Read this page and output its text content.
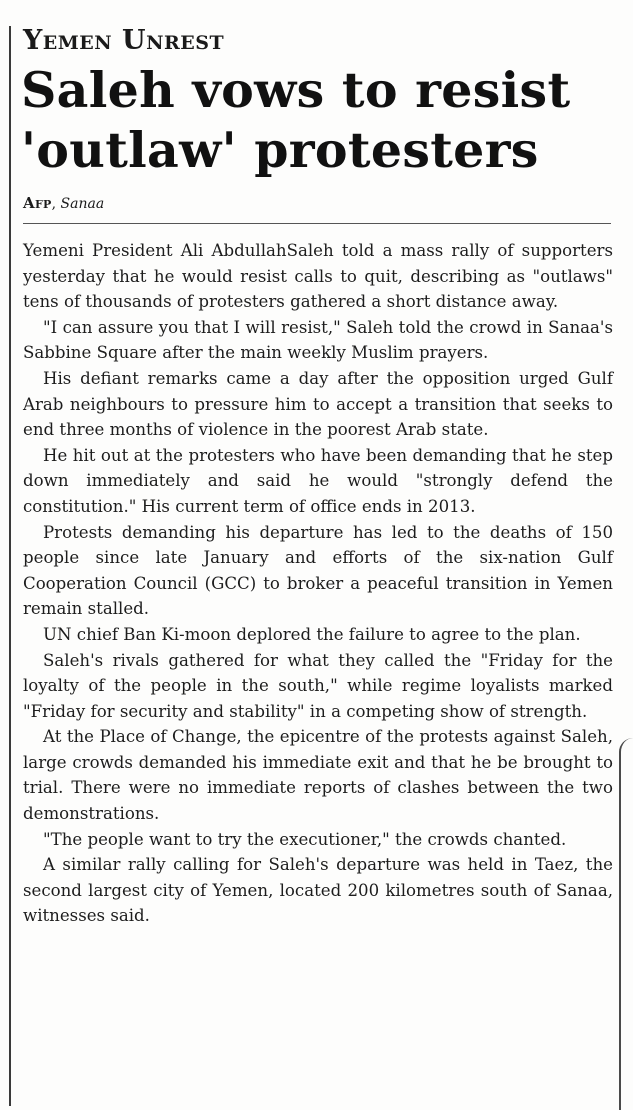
Yemen Unrest
Saleh vows to resist 'outlaw' protesters
Afp, Sanaa

Yemeni President Ali AbdullahSaleh told a mass rally of supporters yesterday that he would resist calls to quit, describing as "outlaws" tens of thousands of protesters gathered a short distance away.

"I can assure you that I will resist," Saleh told the crowd in Sanaa's Sabbine Square after the main weekly Muslim prayers.

His defiant remarks came a day after the opposition urged Gulf Arab neighbours to pressure him to accept a transition that seeks to end three months of violence in the poorest Arab state.

He hit out at the protesters who have been demanding that he step down immediately and said he would "strongly defend the constitution." His current term of office ends in 2013.

Protests demanding his departure has led to the deaths of 150 people since late January and efforts of the six-nation Gulf Cooperation Council (GCC) to broker a peaceful transition in Yemen remain stalled.

UN chief Ban Ki-moon deplored the failure to agree to the plan.

Saleh's rivals gathered for what they called the "Friday for the loyalty of the people in the south," while regime loyalists marked "Friday for security and stability" in a competing show of strength.

At the Place of Change, the epicentre of the protests against Saleh, large crowds demanded his immediate exit and that he be brought to trial. There were no immediate reports of clashes between the two demonstrations.

"The people want to try the executioner," the crowds chanted.

A similar rally calling for Saleh's departure was held in Taez, the second largest city of Yemen, located 200 kilometres south of Sanaa, witnesses said.
